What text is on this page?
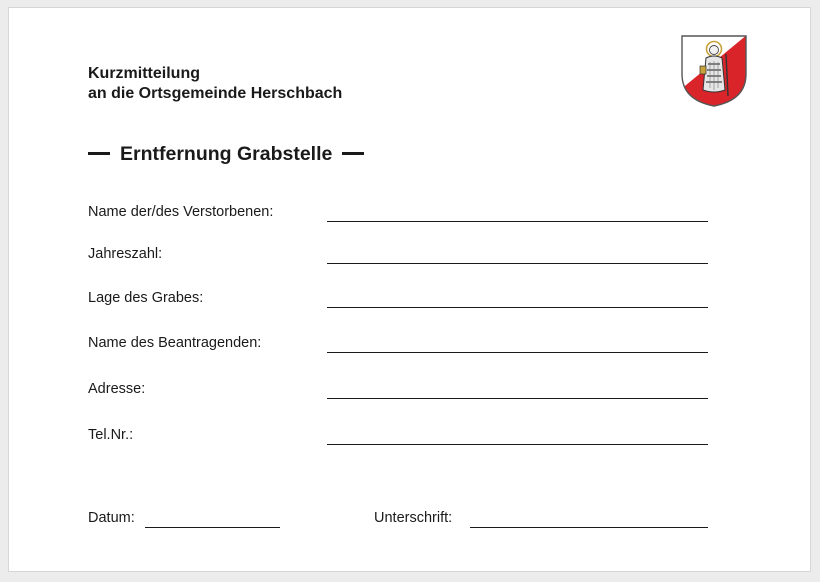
Kurzmitteilung
an die Ortsgemeinde Herschbach
Erntfernung Grabstelle
Name der/des Verstorbenen:
Jahreszahl:
Lage des Grabes:
Name des Beantragenden:
Adresse:
Tel.Nr.:
Datum:	Unterschrift:
